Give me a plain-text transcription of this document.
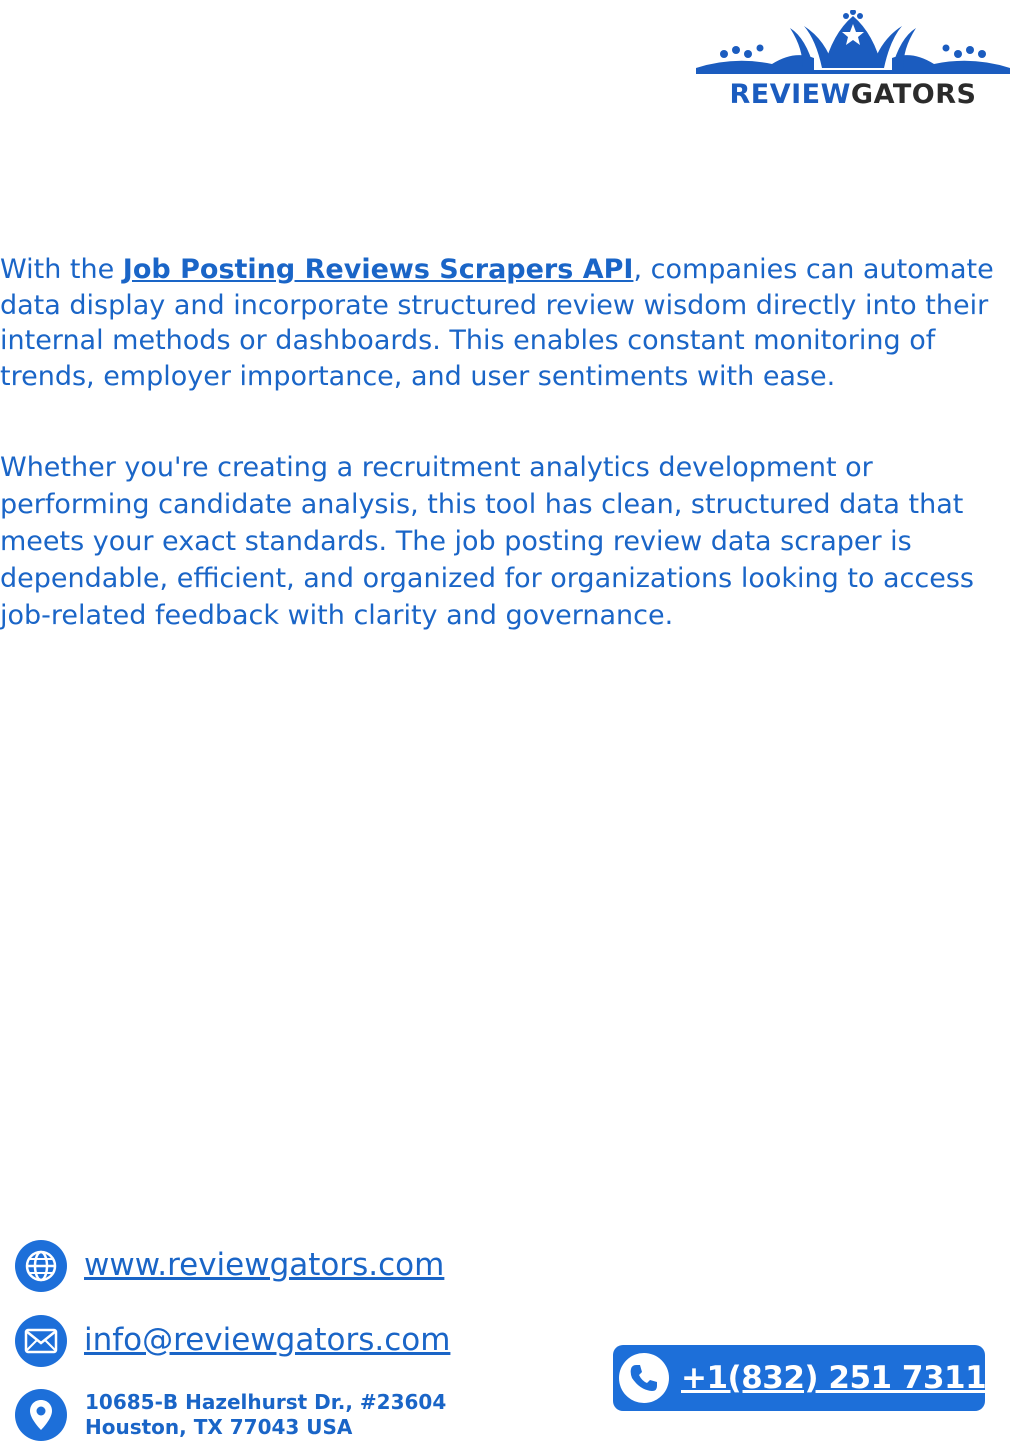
REVIEWGATORS

With the Job Posting Reviews Scrapers API, companies can automate data display and incorporate structured review wisdom directly into their internal methods or dashboards. This enables constant monitoring of trends, employer importance, and user sentiments with ease.

Whether you're creating a recruitment analytics development or performing candidate analysis, this tool has clean, structured data that meets your exact standards. The job posting review data scraper is dependable, efficient, and organized for organizations looking to access job-related feedback with clarity and governance.

www.reviewgators.com
info@reviewgators.com
10685-B Hazelhurst Dr., #23604
Houston, TX 77043 USA
+1(832) 251 7311
